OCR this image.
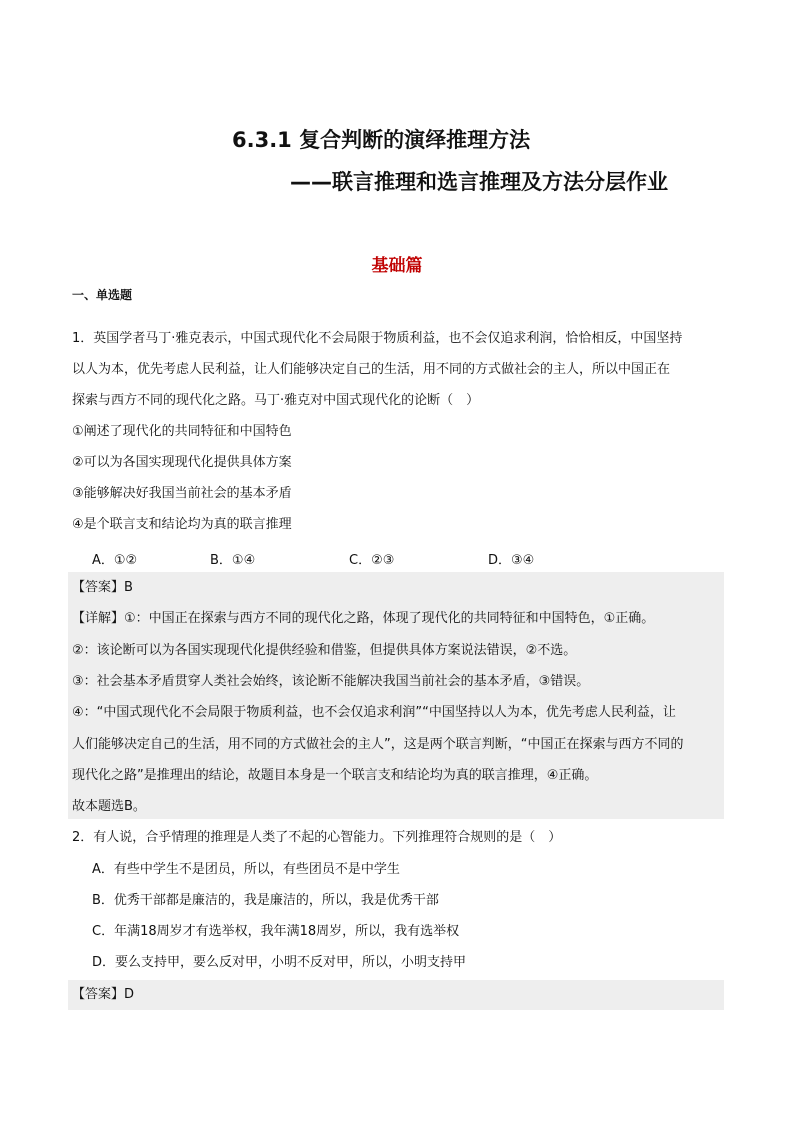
6.3.1 复合判断的演绎推理方法
——联言推理和选言推理及方法分层作业
基础篇
一、单选题
1．英国学者马丁·雅克表示，中国式现代化不会局限于物质利益，也不会仅追求利润，恰恰相反，中国坚持
以人为本，优先考虑人民利益，让人们能够决定自己的生活，用不同的方式做社会的主人，所以中国正在
探索与西方不同的现代化之路。马丁·雅克对中国式现代化的论断（　）
①阐述了现代化的共同特征和中国特色
②可以为各国实现现代化提供具体方案
③能够解决好我国当前社会的基本矛盾
④是个联言支和结论均为真的联言推理
A．①②	B．①④	C．②③	D．③④
【答案】B
【详解】①：中国正在探索与西方不同的现代化之路，体现了现代化的共同特征和中国特色，①正确。
②：该论断可以为各国实现现代化提供经验和借鉴，但提供具体方案说法错误，②不选。
③：社会基本矛盾贯穿人类社会始终，该论断不能解决我国当前社会的基本矛盾，③错误。
④：“中国式现代化不会局限于物质利益，也不会仅追求利润”“中国坚持以人为本，优先考虑人民利益，让
人们能够决定自己的生活，用不同的方式做社会的主人”，这是两个联言判断，“中国正在探索与西方不同的
现代化之路”是推理出的结论，故题目本身是一个联言支和结论均为真的联言推理，④正确。
故本题选B。
2．有人说，合乎情理的推理是人类了不起的心智能力。下列推理符合规则的是（　）
A．有些中学生不是团员，所以，有些团员不是中学生
B．优秀干部都是廉洁的，我是廉洁的，所以，我是优秀干部
C．年满18周岁才有选举权，我年满18周岁，所以，我有选举权
D．要么支持甲，要么反对甲，小明不反对甲，所以，小明支持甲
【答案】D
